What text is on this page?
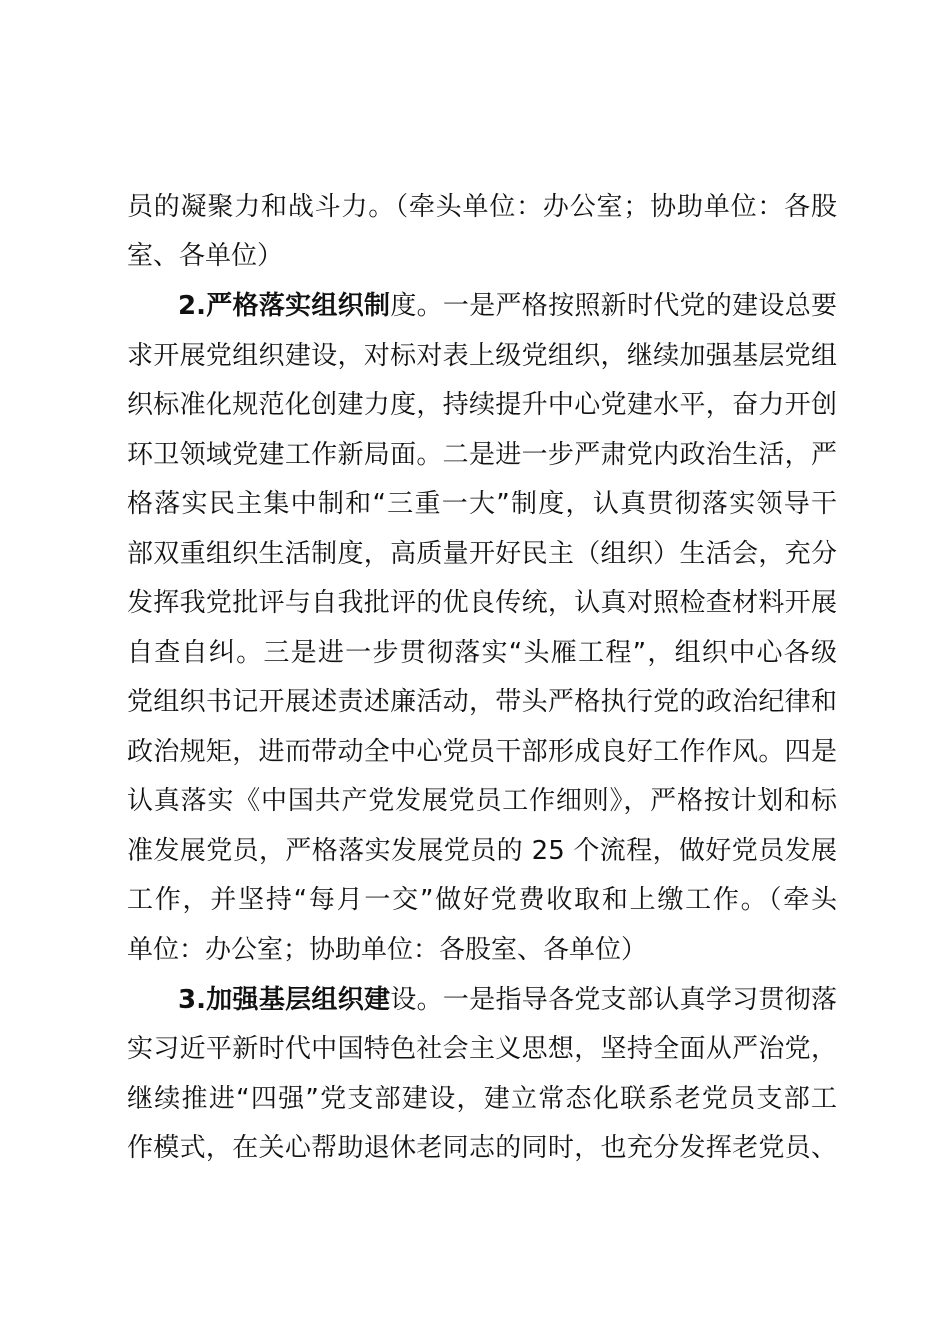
员的凝聚力和战斗力。（牵头单位：办公室；协助单位：各股
室、各单位）
2.严格落实组织制度。一是严格按照新时代党的建设总要
求开展党组织建设，对标对表上级党组织，继续加强基层党组
织标准化规范化创建力度，持续提升中心党建水平，奋力开创
环卫领域党建工作新局面。二是进一步严肃党内政治生活，严
格落实民主集中制和“三重一大”制度，认真贯彻落实领导干
部双重组织生活制度，高质量开好民主（组织）生活会，充分
发挥我党批评与自我批评的优良传统，认真对照检查材料开展
自查自纠。三是进一步贯彻落实“头雁工程”，组织中心各级
党组织书记开展述责述廉活动，带头严格执行党的政治纪律和
政治规矩，进而带动全中心党员干部形成良好工作作风。四是
认真落实《中国共产党发展党员工作细则》，严格按计划和标
准发展党员，严格落实发展党员的 25 个流程，做好党员发展
工作，并坚持“每月一交”做好党费收取和上缴工作。（牵头
单位：办公室；协助单位：各股室、各单位）
3.加强基层组织建设。一是指导各党支部认真学习贯彻落
实习近平新时代中国特色社会主义思想，坚持全面从严治党，
继续推进“四强”党支部建设，建立常态化联系老党员支部工
作模式，在关心帮助退休老同志的同时，也充分发挥老党员、
